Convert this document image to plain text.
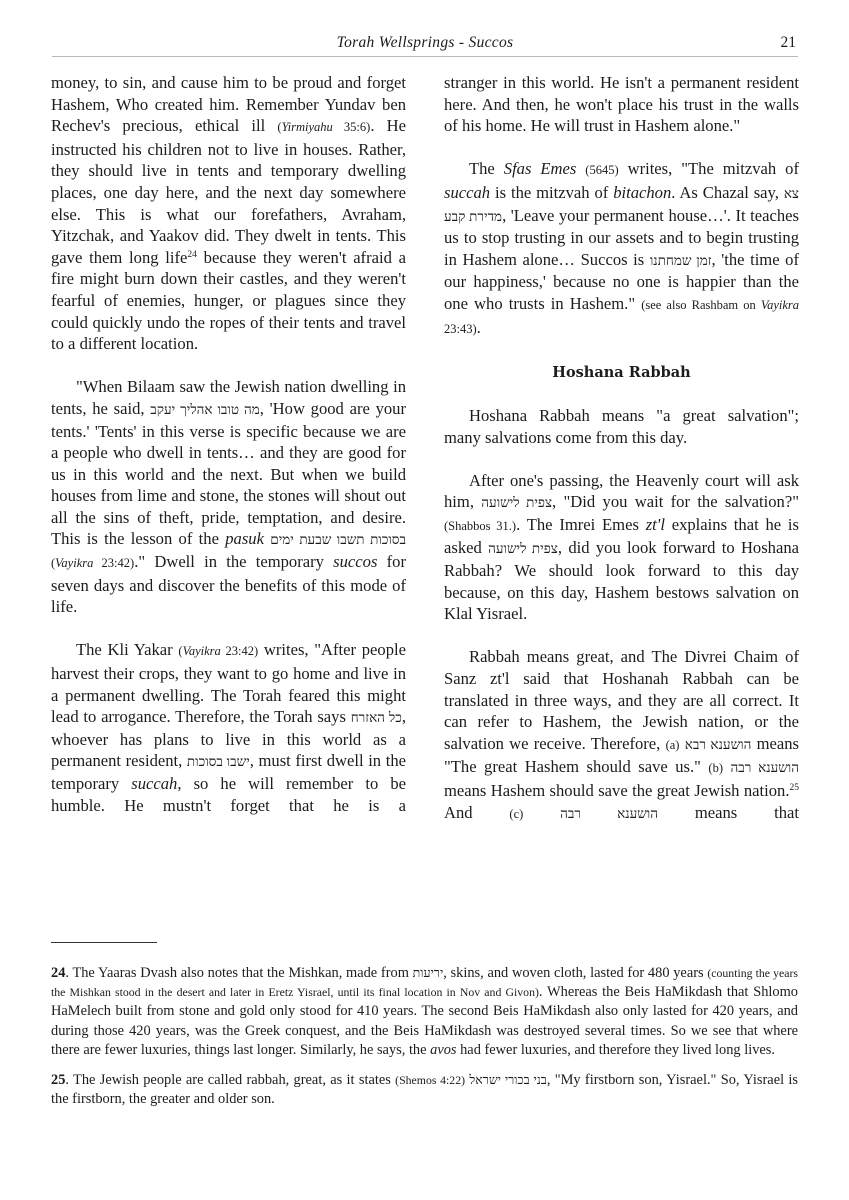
Torah Wellsprings - Succos	21

money, to sin, and cause him to be proud and forget Hashem, Who created him. Remember Yundav ben Rechev's precious, ethical ill (Yirmiyahu 35:6). He instructed his children not to live in houses. Rather, they should live in tents and temporary dwelling places, one day here, and the next day somewhere else. This is what our forefathers, Avraham, Yitzchak, and Yaakov did. They dwelt in tents. This gave them long life$^{24}$ because they weren't afraid a fire might burn down their castles, and they weren't fearful of enemies, hunger, or plagues since they could quickly undo the ropes of their tents and travel to a different location.

"When Bilaam saw the Jewish nation dwelling in tents, he said, מה טובו אהליך יעקב, 'How good are your tents.' 'Tents' in this verse is specific because we are a people who dwell in tents… and they are good for us in this world and the next. But when we build houses from lime and stone, the stones will shout out all the sins of theft, pride, temptation, and desire. This is the lesson of the pasuk בסוכות תשבו שבעת ימים (Vayikra 23:42)." Dwell in the temporary succos for seven days and discover the benefits of this mode of life.

The Kli Yakar (Vayikra 23:42) writes, "After people harvest their crops, they want to go home and live in a permanent dwelling. The Torah feared this might lead to arrogance. Therefore, the Torah says כל האזרח, whoever has plans to live in this world as a permanent resident, ישבו בסוכות, must first dwell in the temporary succah, so he will remember to be humble. He mustn't forget that he is a

stranger in this world. He isn't a permanent resident here. And then, he won't place his trust in the walls of his home. He will trust in Hashem alone."

The Sfas Emes (5645) writes, "The mitzvah of succah is the mitzvah of bitachon. As Chazal say, צא מדירת קבע, 'Leave your permanent house…'. It teaches us to stop trusting in our assets and to begin trusting in Hashem alone… Succos is זמן שמחתנו, 'the time of our happiness,' because no one is happier than the one who trusts in Hashem." (see also Rashbam on Vayikra 23:43).

Hoshana Rabbah

Hoshana Rabbah means "a great salvation"; many salvations come from this day.

After one's passing, the Heavenly court will ask him, צפית לישועה, "Did you wait for the salvation?" (Shabbos 31.). The Imrei Emes zt'l explains that he is asked צפית לישועה, did you look forward to Hoshana Rabbah? We should look forward to this day because, on this day, Hashem bestows salvation on Klal Yisrael.

Rabbah means great, and The Divrei Chaim of Sanz zt'l said that Hoshanah Rabbah can be translated in three ways, and they are all correct. It can refer to Hashem, the Jewish nation, or the salvation we receive. Therefore, (a) הושענא רבא means "The great Hashem should save us." (b) הושענא רבה means Hashem should save the great Jewish nation.$^{25}$ And (c)	הושענא רבה means that

24. The Yaaras Dvash also notes that the Mishkan, made from יריעות, skins, and woven cloth, lasted for 480 years (counting the years the Mishkan stood in the desert and later in Eretz Yisrael, until its final location in Nov and Givon). Whereas the Beis HaMikdash that Shlomo HaMelech built from stone and gold only stood for 410 years. The second Beis HaMikdash also only lasted for 420 years, and during those 420 years, was the Greek conquest, and the Beis HaMikdash was destroyed several times. So we see that where there are fewer luxuries, things last longer. Similarly, he says, the avos had fewer luxuries, and therefore they lived long lives.

25. The Jewish people are called rabbah, great, as it states (Shemos 4:22) בני בכורי ישראל, "My firstborn son, Yisrael." So, Yisrael is the firstborn, the greater and older son.
